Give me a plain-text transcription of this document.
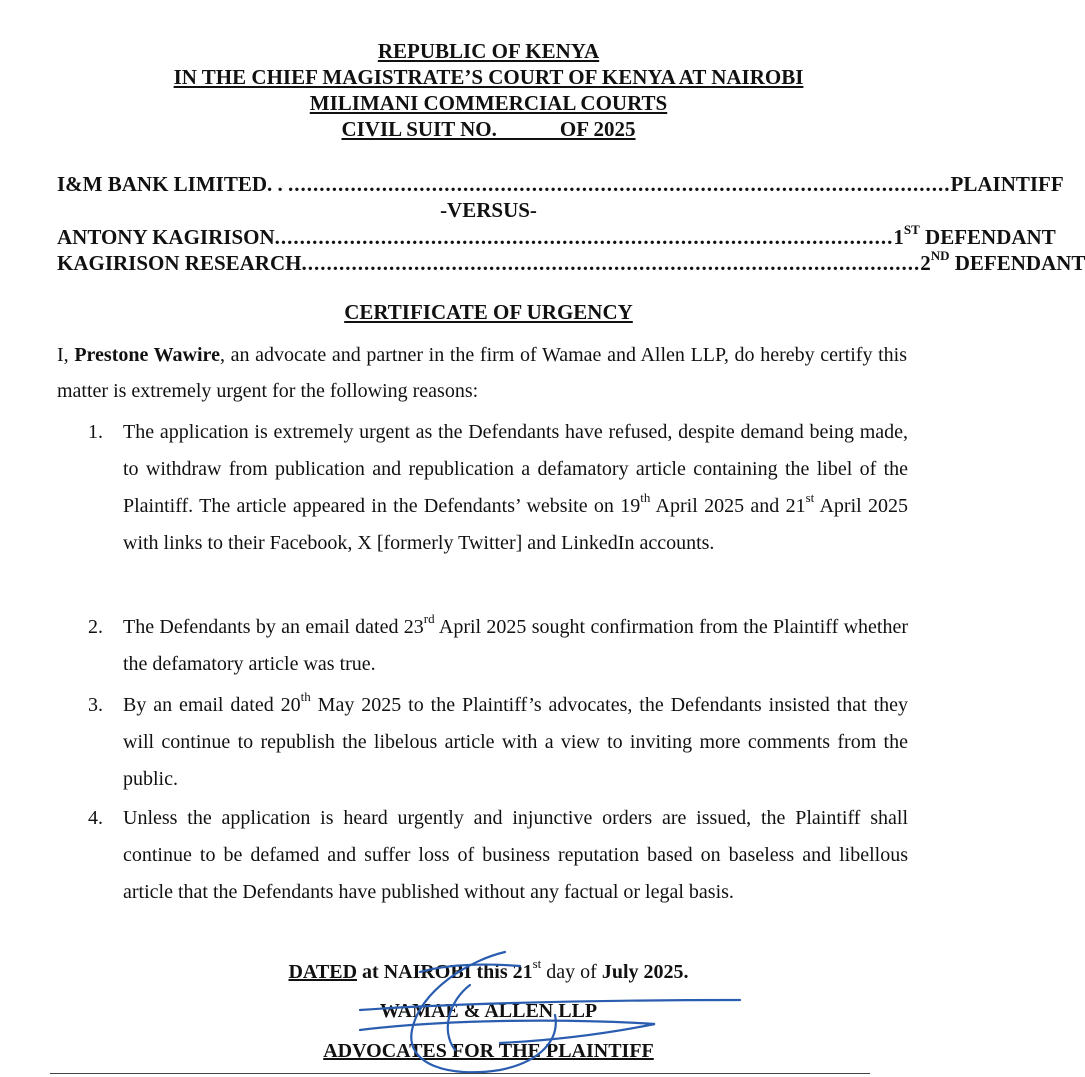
REPUBLIC OF KENYA
IN THE CHIEF MAGISTRATE’S COURT OF KENYA AT NAIROBI
MILIMANI COMMERCIAL COURTS
CIVIL SUIT NO.            OF 2025
I&M BANK LIMITED. . .......................................................................................................... PLAINTIFF
-VERSUS-
ANTONY KAGIRISON ................................................................................................... 1ST DEFENDANT
KAGIRISON RESEARCH ................................................................................................... 2ND DEFENDANT
CERTIFICATE OF URGENCY
I, Prestone Wawire, an advocate and partner in the firm of Wamae and Allen LLP, do hereby certify this matter is extremely urgent for the following reasons:
1.	The application is extremely urgent as the Defendants have refused, despite demand being made, to withdraw from publication and republication a defamatory article containing the libel of the Plaintiff. The article appeared in the Defendants’ website on 19th April 2025 and 21st April 2025 with links to their Facebook, X [formerly Twitter] and LinkedIn accounts.
2.	The Defendants by an email dated 23rd April 2025 sought confirmation from the Plaintiff whether the defamatory article was true.
3.	By an email dated 20th May 2025 to the Plaintiff’s advocates, the Defendants insisted that they will continue to republish the libelous article with a view to inviting more comments from the public.
4.	Unless the application is heard urgently and injunctive orders are issued, the Plaintiff shall continue to be defamed and suffer loss of business reputation based on baseless and libellous article that the Defendants have published without any factual or legal basis.
DATED at NAIROBI this 21st day of July 2025.
WAMAE & ALLEN LLP
ADVOCATES FOR THE PLAINTIFF
